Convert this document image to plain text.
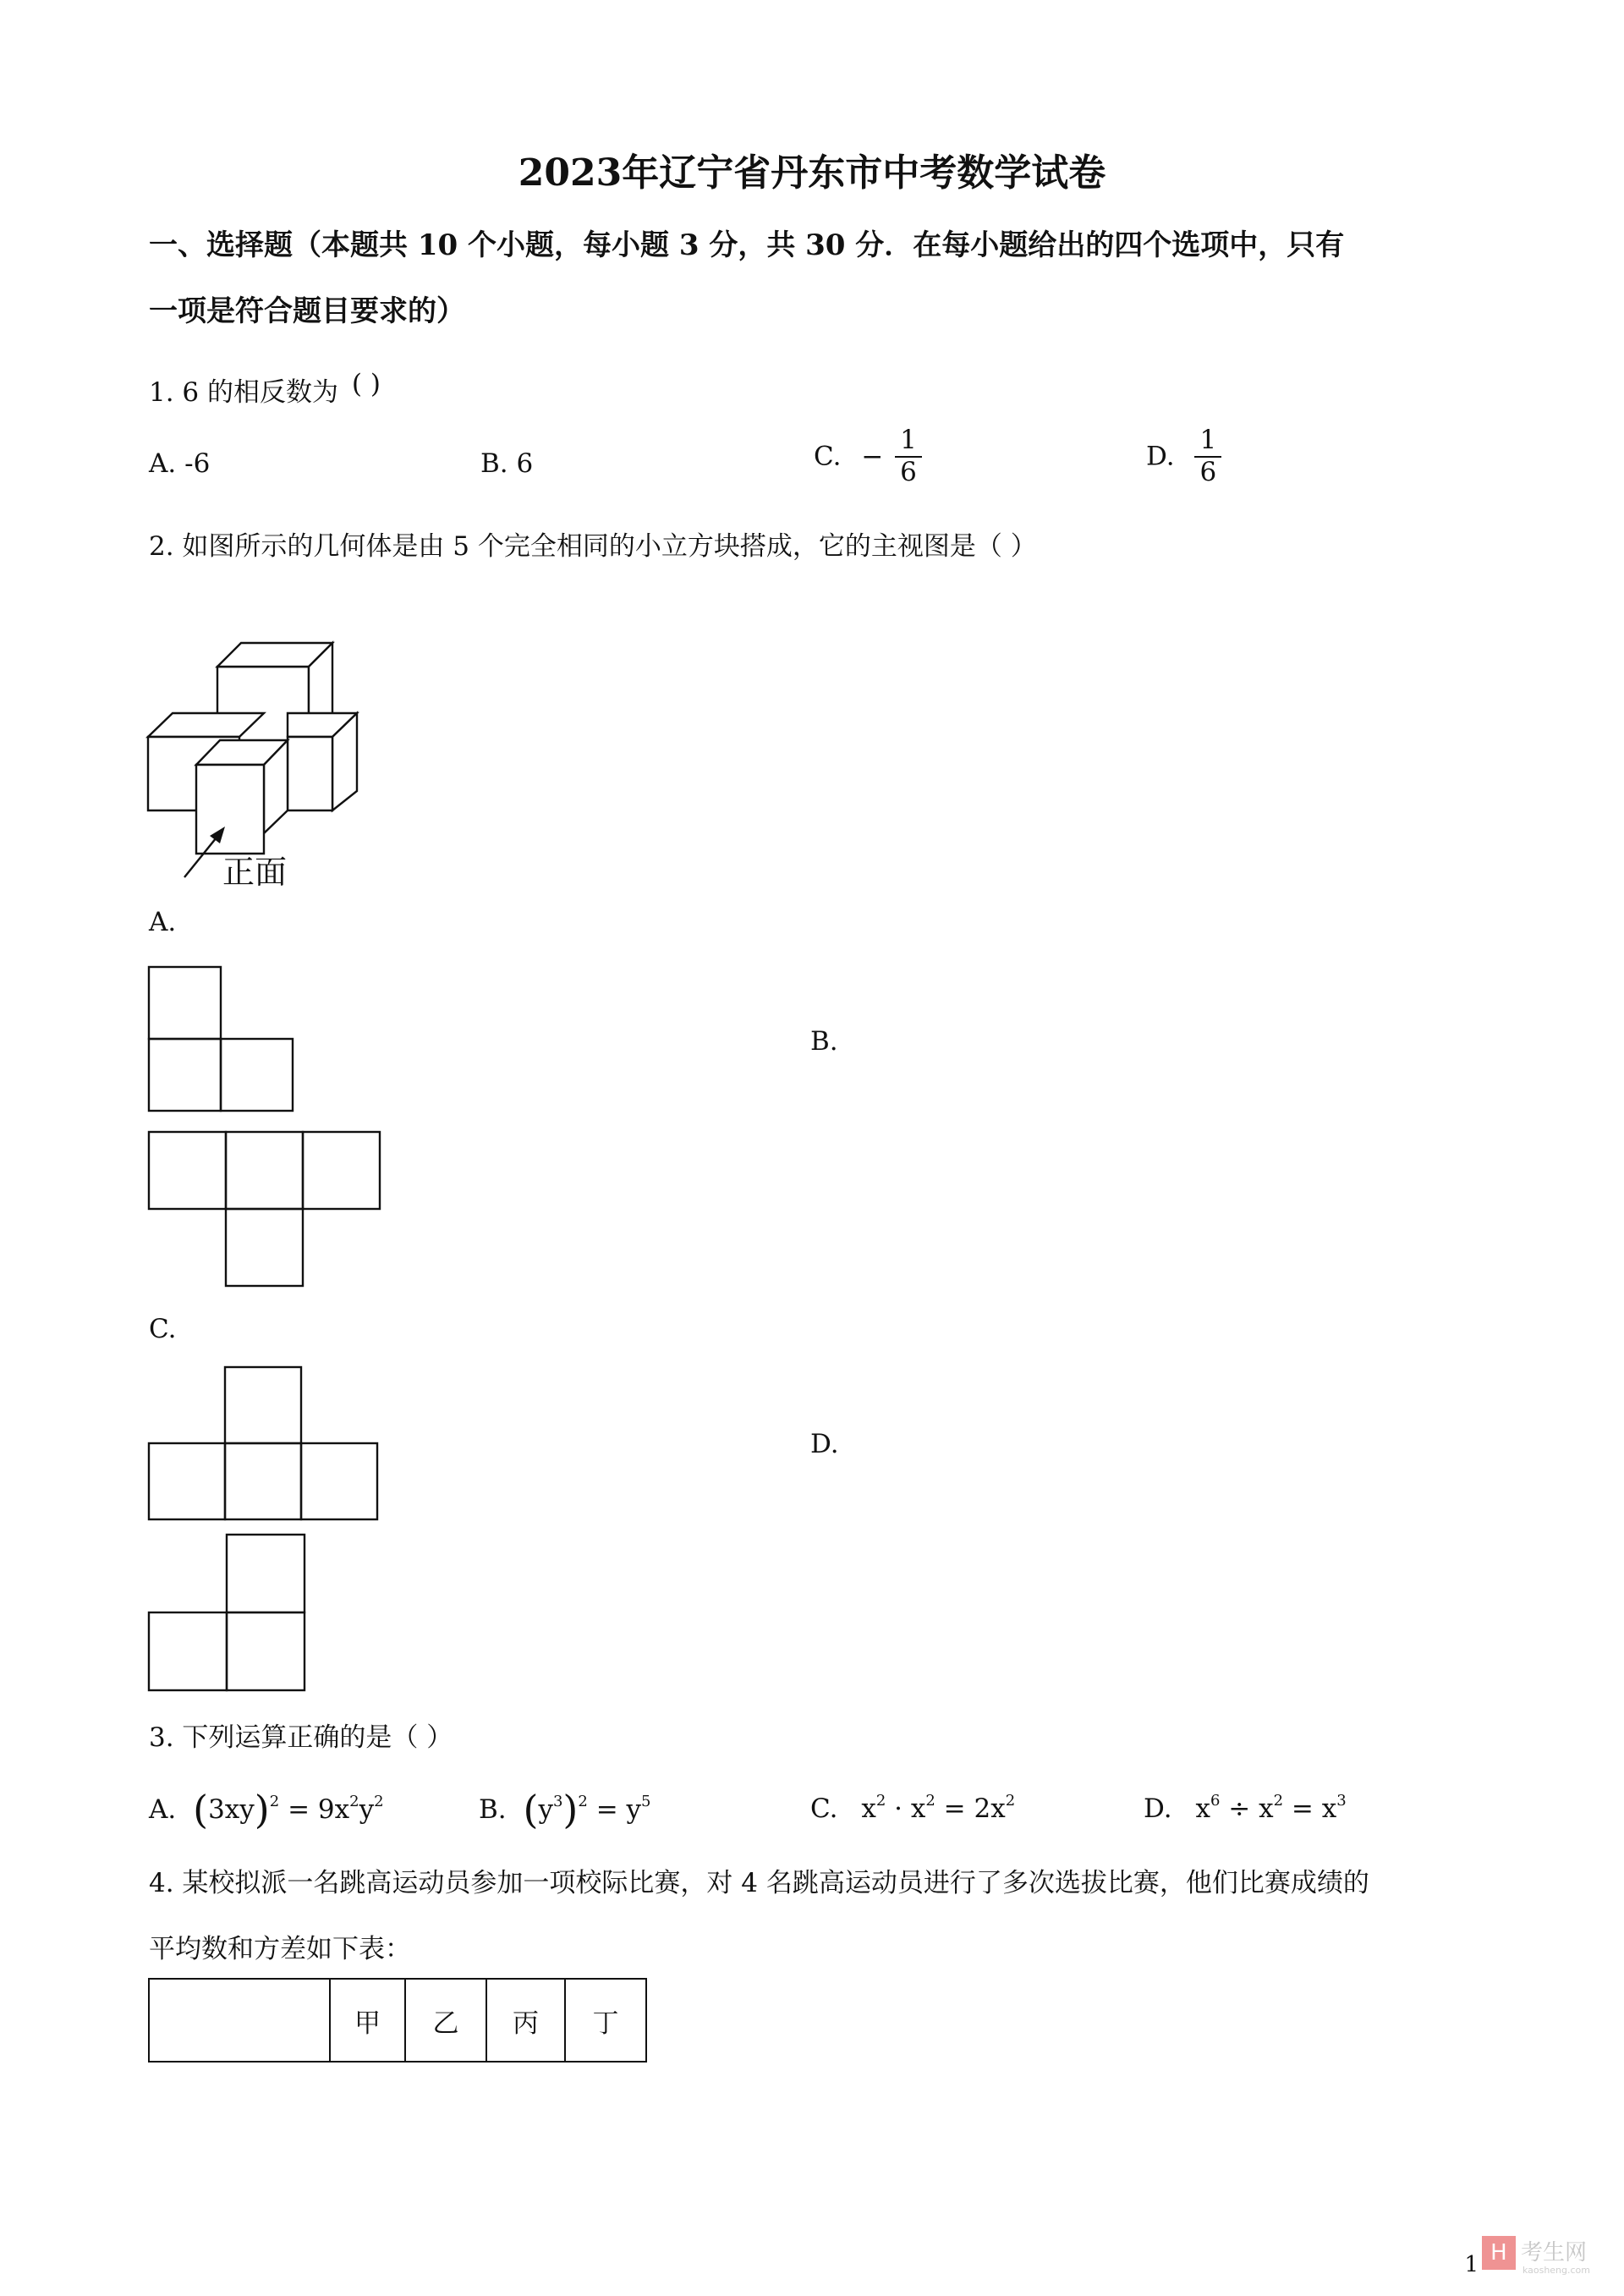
2023年辽宁省丹东市中考数学试卷
一、选择题（本题共 10 个小题，每小题 3 分，共 30 分．在每小题给出的四个选项中，只有
一项是符合题目要求的）
1. 6 的相反数为 ( )
A. -6	B. 6	C. − $\frac{1}{6}$	D. $\frac{1}{6}$
2. 如图所示的几何体是由 5 个完全相同的小立方块搭成，它的主视图是（ ）
正面
A.
B.
C.
D.
3. 下列运算正确的是（ ）
A. $(3xy)^2 = 9x^2y^2$	B. $(y^3)^2 = y^5$	C. $x^2 \cdot x^2 = 2x^2$	D. $x^6 \div x^2 = x^3$
4. 某校拟派一名跳高运动员参加一项校际比赛，对 4 名跳高运动员进行了多次选拔比赛，他们比赛成绩的
平均数和方差如下表：
	甲	乙	丙	丁
1 H 考生网
kaosheng.com
